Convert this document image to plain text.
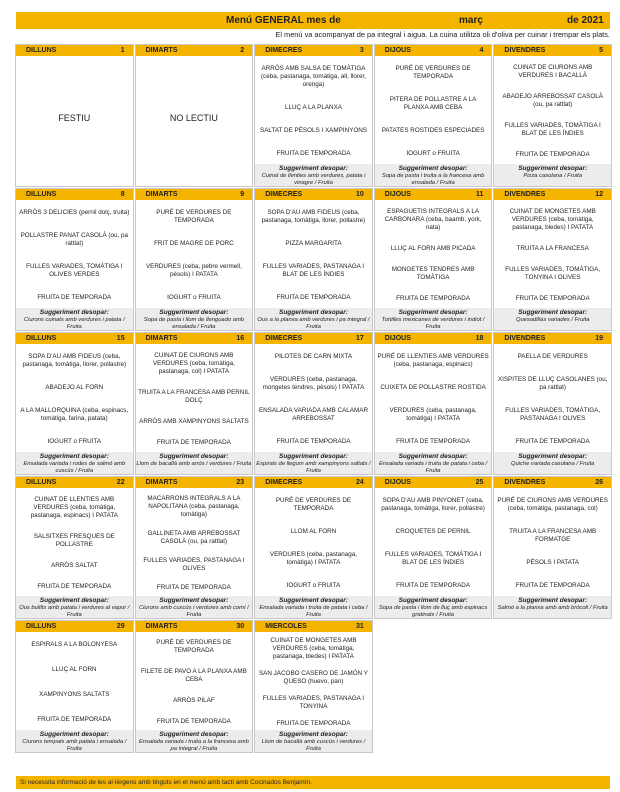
Menú GENERAL mes de	març	de 2021
El menú va acompanyat de pa integral i aigua. La cuina utilitza oli d'oliva per cuinar i trempar els plats.
DILLUNS	1
FESTIU
DIMARTS	2
NO LECTIU
DIMECRES	3
ARRÒS AMB SALSA DE TOMÀTIGA (ceba, pastanaga, tomàtiga, all, llorer, orenga)
LLUÇ A LA PLANXA
SALTAT DE PÈSOLS I XAMPINYONS
FRUITA DE TEMPORADA
Suggeriment desopar:
Cuinat de llenties amb verdures, patata i vinagre / Fruita
DIJOUS	4
PURÉ DE VERDURES DE TEMPORADA
PITERA DE POLLASTRE A LA PLANXA AMB CEBA
PATATES ROSTIDES ESPECIADES
IOGURT o FRUITA
Suggeriment desopar:
Sopa de pasta i truita a la francesa amb ensalada / Fruita
DIVENDRES	5
CUINAT DE CIURONS AMB VERDURES I BACALLÀ
ABADEJO ARREBOSSAT CASOLÀ (ou, pa rattlat)
FULLES VARIADES, TOMÀTIGA I BLAT DE LES ÍNDIES
FRUITA DE TEMPORADA
Suggeriment desopar:
Pizza casolana / Fruita
DILLUNS	8
ARRÒS 3 DELICIES (pernil dolç, truita)
POLLASTRE PANAT CASOLÀ (ou, pa rattlat)
FULLES VARIADES, TOMÀTIGA I OLIVES VERDES
FRUITA DE TEMPORADA
Suggeriment desopar:
Ciurons cuinats amb verdures i patata / Fruita
DIMARTS	9
PURÉ DE VERDURES DE TEMPORADA
FRIT DE MAGRE DE PORC
VERDURES (ceba, pebre vermell, pèsols) I PATATA
IOGURT o FRUITA
Suggeriment desopar:
Sopa de pasta i llom de llenguado amb ensalada / Fruita
DIMECRES	10
SOPA D'AU AMB FIDEUS (ceba, pastanaga, tomàtiga, llorer, pollastre)
PIZZA MARGARITA
FULLES VARIADES, PASTANAGA I BLAT DE LES ÍNDIES
FRUITA DE TEMPORADA
Suggeriment desopar:
Ous a la planxa amb verdures i pa integral / Fruita
DIJOUS	11
ESPAGUETIS INTEGRALS A LA CARBONARA (ceba, baamb, york, nata)
LLUÇ AL FORN AMB PICADA
MONGETES TENDRES AMB TOMÀTIGA
FRUITA DE TEMPORADA
Suggeriment desopar:
Tortilles mexicanes de verdures i indiot / Fruita
DIVENDRES	12
CUINAT DE MONGETES AMB VERDURES (ceba, tomàtiga, pastanaga, bledes) I PATATA
TRUITA A LA FRANCESA
FULLES VARIADES, TOMÀTIGA, TONYINA I OLIVES
FRUITA DE TEMPORADA
Suggeriment desopar:
Quesadillas variades / Fruita
DILLUNS	15
SOPA D'AU AMB FIDEUS (ceba, pastanaga, tomàtiga, llorer, pollastre)
ABADEJO AL FORN
A LA MALLORQUINA (ceba, espinacs, tomàtiga, farina, patata)
IOGURT o FRUITA
Suggeriment desopar:
Ensalada variada i rodes de salmó amb cuscús / Fruita
DIMARTS	16
CUINAT DE CIURONS AMB VERDURES (ceba, tomàtiga, pastanaga, col) I PATATA
TRUITA A LA FRANCESA AMB PERNIL DOLÇ
ARRÒS AMB XAMPINYONS SALTATS
FRUITA DE TEMPORADA
Suggeriment desopar:
Llom de bacallà amb arrós i verdures / Fruita
DIMECRES	17
PILOTES DE CARN MIXTA
VERDURES (ceba, pastanaga, mongetes tendres, pèsols) I PATATA
ENSALADA VARIADA AMB CALAMAR ARREBOSSAT
FRUITA DE TEMPORADA
Suggeriment desopar:
Espirals de llegum amb xampinyons saltats / Fruita
DIJOUS	18
PURÉ DE LLENTIES AMB VERDURES (ceba, pastanaga, espinacs)
CUIXETA DE POLLASTRE ROSTIDA
VERDURES (ceba, pastanaga, tomàtiga) I PATATA
FRUITA DE TEMPORADA
Suggeriment desopar:
Ensalada variada i truita de patata i ceba / Fruita
DIVENDRES	19
PAELLA DE VERDURES
XISPITES DE LLUÇ CASOLANES (ou, pa rattlat)
FULLES VARIADES, TOMÀTIGA, PASTANAGA I OLIVES
FRUITA DE TEMPORADA
Suggeriment desopar:
Quiche variada casolana / Fruita
DILLUNS	22
CUINAT DE LLENTIES AMB VERDURES (ceba, tomàtiga, pastanaga, espinacs) I PATATA
SALSITXES FRESQUES DE POLLASTRE
ARRÒS SALTAT
FRUITA DE TEMPORADA
Suggeriment desopar:
Ous bullits amb patata i verdures al vapor / Fruita
DIMARTS	23
MACARRONS INTEGRALS A LA NAPOLITANA (ceba, pastanaga, tomàtiga)
GALLINETA AMB ARREBOSSAT CASOLÀ (ou, pa rattlat)
FULLES VARIADES, PASTANAGA I OLIVES
FRUITA DE TEMPORADA
Suggeriment desopar:
Ciurons amb cuscús i verdures amb comí / Fruita
DIMECRES	24
PURÉ DE VERDURES DE TEMPORADA
LLOM AL FORN
VERDURES (ceba, pastanaga, tomàtiga) I PATATA
IOGURT o FRUITA
Suggeriment desopar:
Ensalada variada i truita de patata i ceba / Fruita
DIJOUS	25
SOPA D'AU AMB PINYONET (ceba, pastanaga, tomàtiga, llorer, pollastre)
CROQUETES DE PERNIL
FULLES VARIADES, TOMÀTIGA I BLAT DE LES ÍNDIES
FRUITA DE TEMPORADA
Suggeriment desopar:
Sopa de pasta i llom de lluç amb espinacs gratinats / Fruita
DIVENDRES	26
PURÉ DE CIURONS AMB VERDURES (ceba, tomàtiga, pastanaga, col)
TRUITA A LA FRANCESA AMB FORMATGE
PÈSOLS I PATATA
FRUITA DE TEMPORADA
Suggeriment desopar:
Salmó a la planxa amb amb bròcoli / Fruita
DILLUNS	29
ESPIRALS A LA BOLONYESA
LLUÇ AL FORN
XAMPINYONS SALTATS
FRUITA DE TEMPORADA
Suggeriment desopar:
Ciurons tempats amb patata i ensalada / Fruita
DIMARTS	30
PURÉ DE VERDURES DE TEMPORADA
FILETE DE PAVO A LA PLANXA AMB CEBA
ARRÒS PILAF
FRUITA DE TEMPORADA
Suggeriment desopar:
Ensalada variada i truita a la francesa amb pa integral / Fruita
MIERCOLES	31
CUINAT DE MONGETES AMB VERDURES (ceba, tomàtiga, pastanaga, bledes) I PATATA
SAN JACOBO CASERO DE JAMÓN Y QUESO (huevo, pan)
FULLES VARIADES, PASTANAGA I TONYINA
FRUITA DE TEMPORADA
Suggeriment desopar:
Llom de bacallà amb cuscús i verdures / Fruita
Si necessita informació de les al·lèrgens amb tinguts en el menú amb tacti amb Cocinados Benjamín.
